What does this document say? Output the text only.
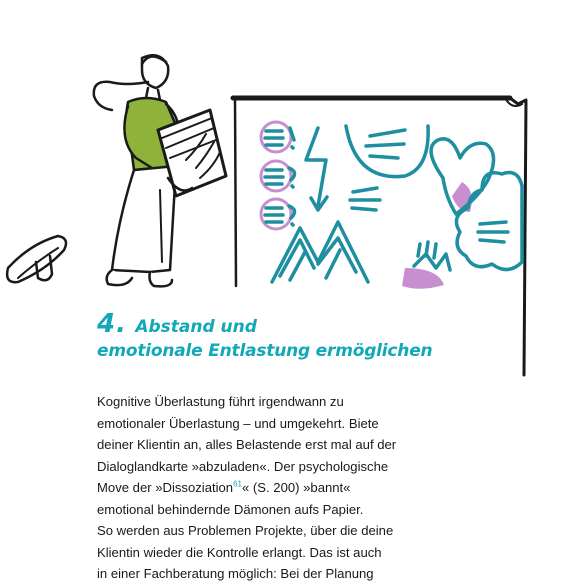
4. Abstand und
emotionale Entlastung ermöglichen

Kognitive Überlastung führt irgendwann zu

emotionaler Überlastung – und umgekehrt. Biete

deiner Klientin an, alles Belastende erst mal auf der

Dialoglandkarte »abzuladen«. Der psychologische

Move der »Dissoziation$^{61}$« (S. 200) »bannt«

emotional behindernde Dämonen aufs Papier.

So werden aus Problemen Projekte, über die deine

Klientin wieder die Kontrolle erlangt. Das ist auch

in einer Fachberatung möglich: Bei der Planung
